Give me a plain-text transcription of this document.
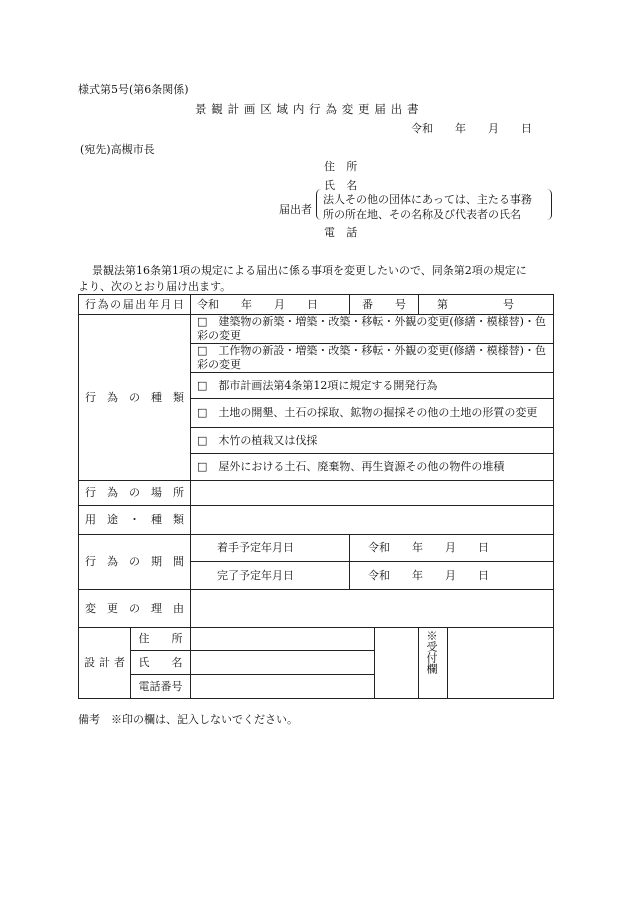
様式第5号(第6条関係)
景 観 計 画 区 域 内 行 為 変 更 届 出 書
令和　　年　　月　　日
(宛先)高槻市長
住 所
氏 名
届出者
法人その他の団体にあっては、主たる事務
所の所在地、その名称及び代表者の氏名
電 話
景観法第16条第1項の規定による届出に係る事項を変更したいので、同条第2項の規定に
より、次のとおり届け出ます。
行為の届出年月日		令和　　年　　月　　日	番　　号		第　　　　　号	
行　為　の　種　類		□　建築物の新築・増築・改築・移転・外観の変更(修繕・模様替)・色彩の変更				
		□　工作物の新設・増築・改築・移転・外観の変更(修繕・模様替)・色彩の変更				
		□　都市計画法第4条第12項に規定する開発行為				
		□　土地の開墾、土石の採取、鉱物の掘採その他の土地の形質の変更				
		□　木竹の植栽又は伐採				
		□　屋外における土石、廃棄物、再生資源その他の物件の堆積				
行　為　の　場　所						
用　途　・　種　類						
行　為　の　期　間		着手予定年月日	令和　　年　　月　　日			
		完了予定年月日	令和　　年　　月　　日			
変　更　の　理　由						
設計者	住　　所				※受付欄	
	氏　　名					
	電話番号					
備考　※印の欄は、記入しないでください。
